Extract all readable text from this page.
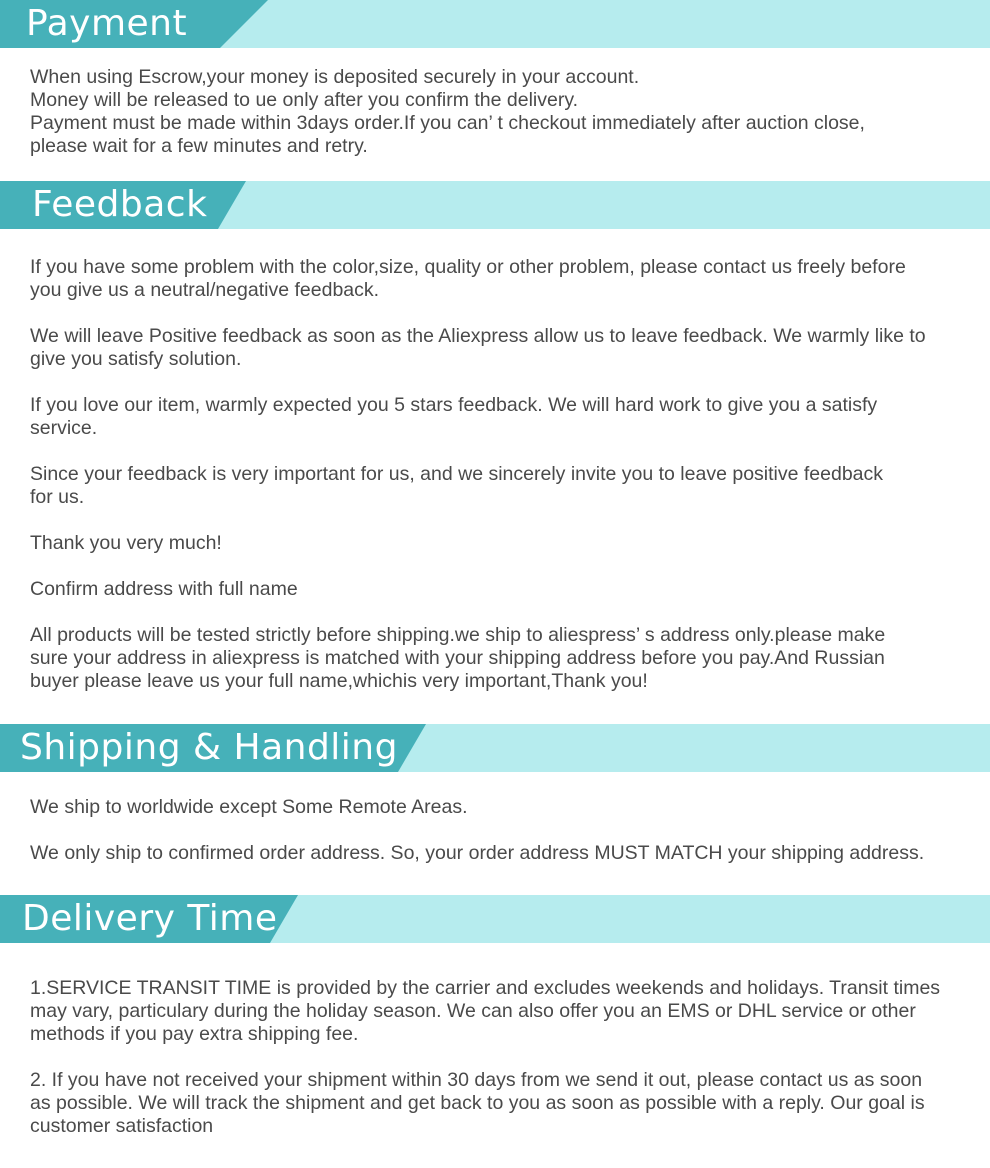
Payment

When using Escrow,your money is deposited securely in your account.
Money will be released to ue only after you confirm the delivery.
Payment must be made within 3days order.If you can’ t checkout immediately after auction close,
please wait for a few minutes and retry.

Feedback

If you have some problem with the color,size, quality or other problem, please contact us freely before
you give us a neutral/negative feedback.

We will leave Positive feedback as soon as the Aliexpress allow us to leave feedback. We warmly like to
give you satisfy solution.

If you love our item, warmly expected you 5 stars feedback. We will hard work to give you a satisfy
service.

Since your feedback is very important for us, and we sincerely invite you to leave positive feedback
for us.

Thank you very much!

Confirm address with full name

All products will be tested strictly before shipping.we ship to aliespress’ s address only.please make
sure your address in aliexpress is matched with your shipping address before you pay.And Russian
buyer please leave us your full name,whichis very important,Thank you!

Shipping & Handling

We ship to worldwide except Some Remote Areas.

We only ship to confirmed order address. So, your order address MUST MATCH your shipping address.

Delivery Time

1.SERVICE TRANSIT TIME is provided by the carrier and excludes weekends and holidays. Transit times
may vary, particulary during the holiday season. We can also offer you an EMS or DHL service or other
methods if you pay extra shipping fee.

2. If you have not received your shipment within 30 days from we send it out, please contact us as soon
as possible. We will track the shipment and get back to you as soon as possible with a reply. Our goal is
customer satisfaction
